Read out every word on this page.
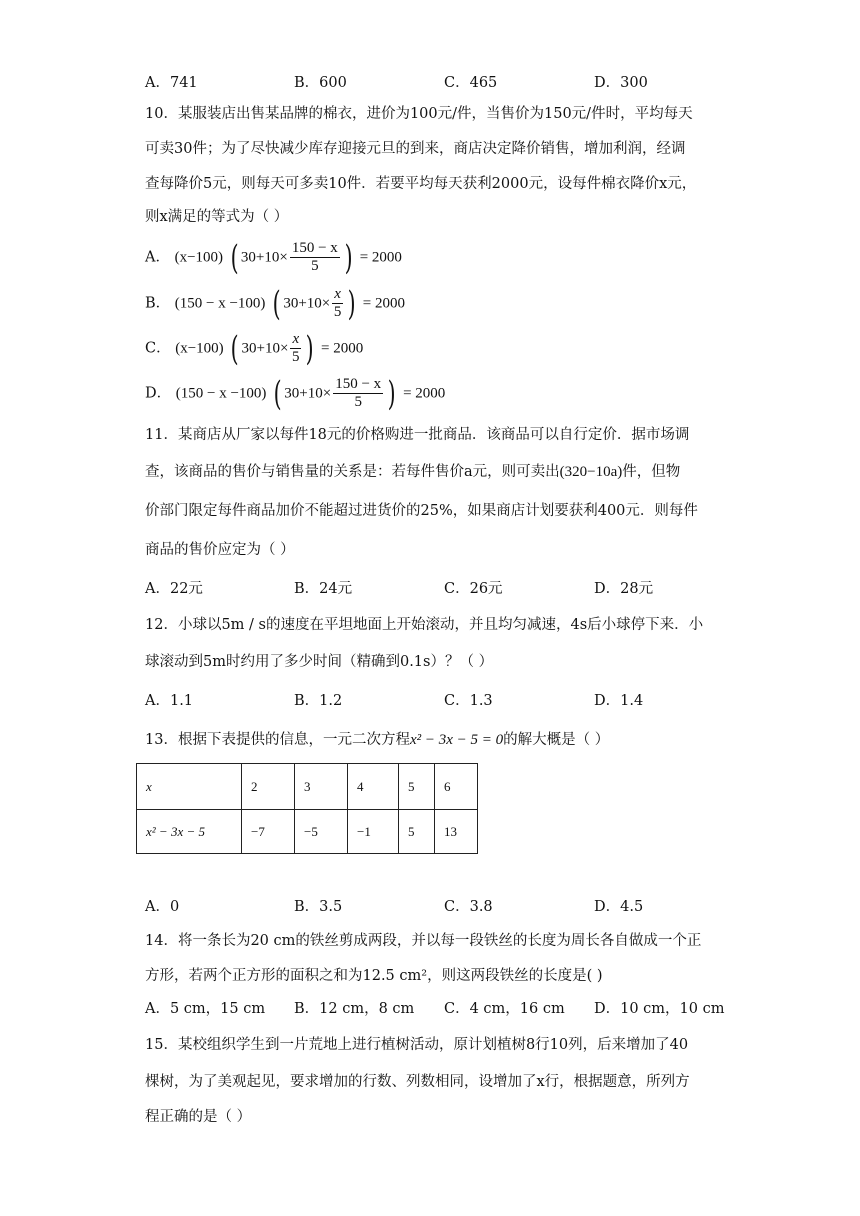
A．741	B．600	C．465	D．300
10．某服装店出售某品牌的棉衣，进价为100元/件，当售价为150元/件时，平均每天
可卖30件；为了尽快减少库存迎接元旦的到来，商店决定降价销售，增加利润，经调
查每降价5元，则每天可多卖10件．若要平均每天获利2000元，设每件棉衣降价x元，
则x满足的等式为（ ）
A． (x−100) ( $30+10\times \frac{150 - x}{5}$ ) = 2000
B． (150 − x −100) ( $30+10\times \frac{x}{5}$ ) = 2000
C． (x−100) ( $30+10\times \frac{x}{5}$ ) = 2000
D． (150 − x −100) ( $30+10\times \frac{150 - x}{5}$ ) = 2000
11．某商店从厂家以每件18元的价格购进一批商品．该商品可以自行定价．据市场调
查，该商品的售价与销售量的关系是：若每件售价a元，则可卖出(320−10a)件，但物
价部门限定每件商品加价不能超过进货价的25%，如果商店计划要获利400元．则每件
商品的售价应定为（ ）
A．22元	B．24元	C．26元	D．28元
12．小球以5m / s的速度在平坦地面上开始滚动，并且均匀减速，4s后小球停下来．小
球滚动到5m时约用了多少时间（精确到0.1s）？（ ）
A．1.1	B．1.2	C．1.3	D．1.4
13．根据下表提供的信息，一元二次方程x² − 3x − 5 = 0的解大概是（ ）
x	2	3	4	5	6
x² − 3x − 5	−7	−5	−1	5	13
A．0	B．3.5	C．3.8	D．4.5
14．将一条长为20 cm的铁丝剪成两段，并以每一段铁丝的长度为周长各自做成一个正
方形，若两个正方形的面积之和为12.5 cm²，则这两段铁丝的长度是( )
A．5 cm，15 cm B．12 cm，8 cm C．4 cm，16 cm D．10 cm，10 cm
15．某校组织学生到一片荒地上进行植树活动，原计划植树8行10列，后来增加了40
棵树，为了美观起见，要求增加的行数、列数相同，设增加了x行，根据题意，所列方
程正确的是（ ）
